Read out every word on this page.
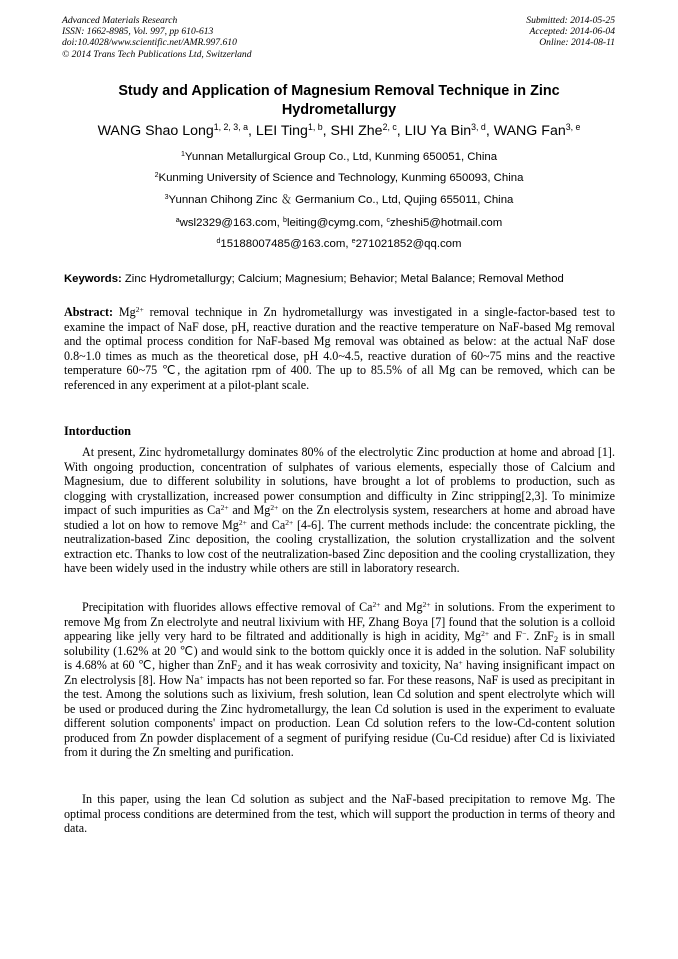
Advanced Materials Research
ISSN: 1662-8985, Vol. 997, pp 610-613
doi:10.4028/www.scientific.net/AMR.997.610
© 2014 Trans Tech Publications Ltd, Switzerland
Submitted: 2014-05-25
Accepted: 2014-06-04
Online: 2014-08-11
Study and Application of Magnesium Removal Technique in Zinc Hydrometallurgy
WANG Shao Long$^{1, 2, 3, a}$, LEI Ting$^{1, b}$, SHI Zhe$^{2, c}$, LIU Ya Bin$^{3, d}$, WANG Fan$^{3, e}$
$^1$Yunnan Metallurgical Group Co., Ltd, Kunming 650051, China
$^2$Kunming University of Science and Technology, Kunming 650093, China
$^3$Yunnan Chihong Zinc ＆ Germanium Co., Ltd, Qujing 655011, China
$^a$wsl2329@163.com, $^b$leiting@cymg.com, $^c$zheshi5@hotmail.com
$^d$15188007485@163.com, $^e$271021852@qq.com
Keywords: Zinc Hydrometallurgy; Calcium; Magnesium; Behavior; Metal Balance; Removal Method

Abstract: $Mg^{2+}$ removal technique in Zn hydrometallurgy was investigated in a single-factor-based test to examine the impact of NaF dose, pH, reactive duration and the reactive temperature on NaF-based Mg removal and the optimal process condition for NaF-based Mg removal was obtained as below: at the actual NaF dose 0.8~1.0 times as much as the theoretical dose, pH 4.0~4.5, reactive duration of 60~75 mins and the reactive temperature 60~75 ℃, the agitation rpm of 400. The up to 85.5% of all Mg can be removed, which can be referenced in any experiment at a pilot-plant scale.

Intorduction

At present, Zinc hydrometallurgy dominates 80% of the electrolytic Zinc production at home and abroad [1]. With ongoing production, concentration of sulphates of various elements, especially those of Calcium and Magnesium, due to different solubility in solutions, have brought a lot of problems to production, such as clogging with crystallization, increased power consumption and difficulty in Zinc stripping[2,3]. To minimize impact of such impurities as $Ca^{2+}$ and $Mg^{2+}$ on the Zn electrolysis system, researchers at home and abroad have studied a lot on how to remove $Mg^{2+}$ and $Ca^{2+}$ [4-6]. The current methods include: the concentrate pickling, the neutralization-based Zinc deposition, the cooling crystallization, the solution crystallization and the solvent extraction etc. Thanks to low cost of the neutralization-based Zinc deposition and the cooling crystallization, they have been widely used in the industry while others are still in laboratory research.

Precipitation with fluorides allows effective removal of $Ca^{2+}$ and $Mg^{2+}$ in solutions. From the experiment to remove Mg from Zn electrolyte and neutral lixivium with HF, Zhang Boya [7] found that the solution is a colloid appearing like jelly very hard to be filtrated and additionally is high in acidity, $Mg^{2+}$ and F−. ZnF$_2$ is in small solubility (1.62% at 20 ℃) and would sink to the bottom quickly once it is added in the solution. NaF solubility is 4.68% at 60 ℃, higher than ZnF$_2$ and it has weak corrosivity and toxicity, Na+ having insignificant impact on Zn electrolysis [8]. How Na+ impacts has not been reported so far. For these reasons, NaF is used as precipitant in the test. Among the solutions such as lixivium, fresh solution, lean Cd solution and spent electrolyte which will be used or produced during the Zinc hydrometallurgy, the lean Cd solution is used in the experiment to evaluate different solution components' impact on production. Lean Cd solution refers to the low-Cd-content solution produced from Zn powder displacement of a segment of purifying residue (Cu-Cd residue) after Cd is lixiviated from it during the Zn smelting and purification.

In this paper, using the lean Cd solution as subject and the NaF-based precipitation to remove Mg. The optimal process conditions are determined from the test, which will support the production in terms of theory and data.
